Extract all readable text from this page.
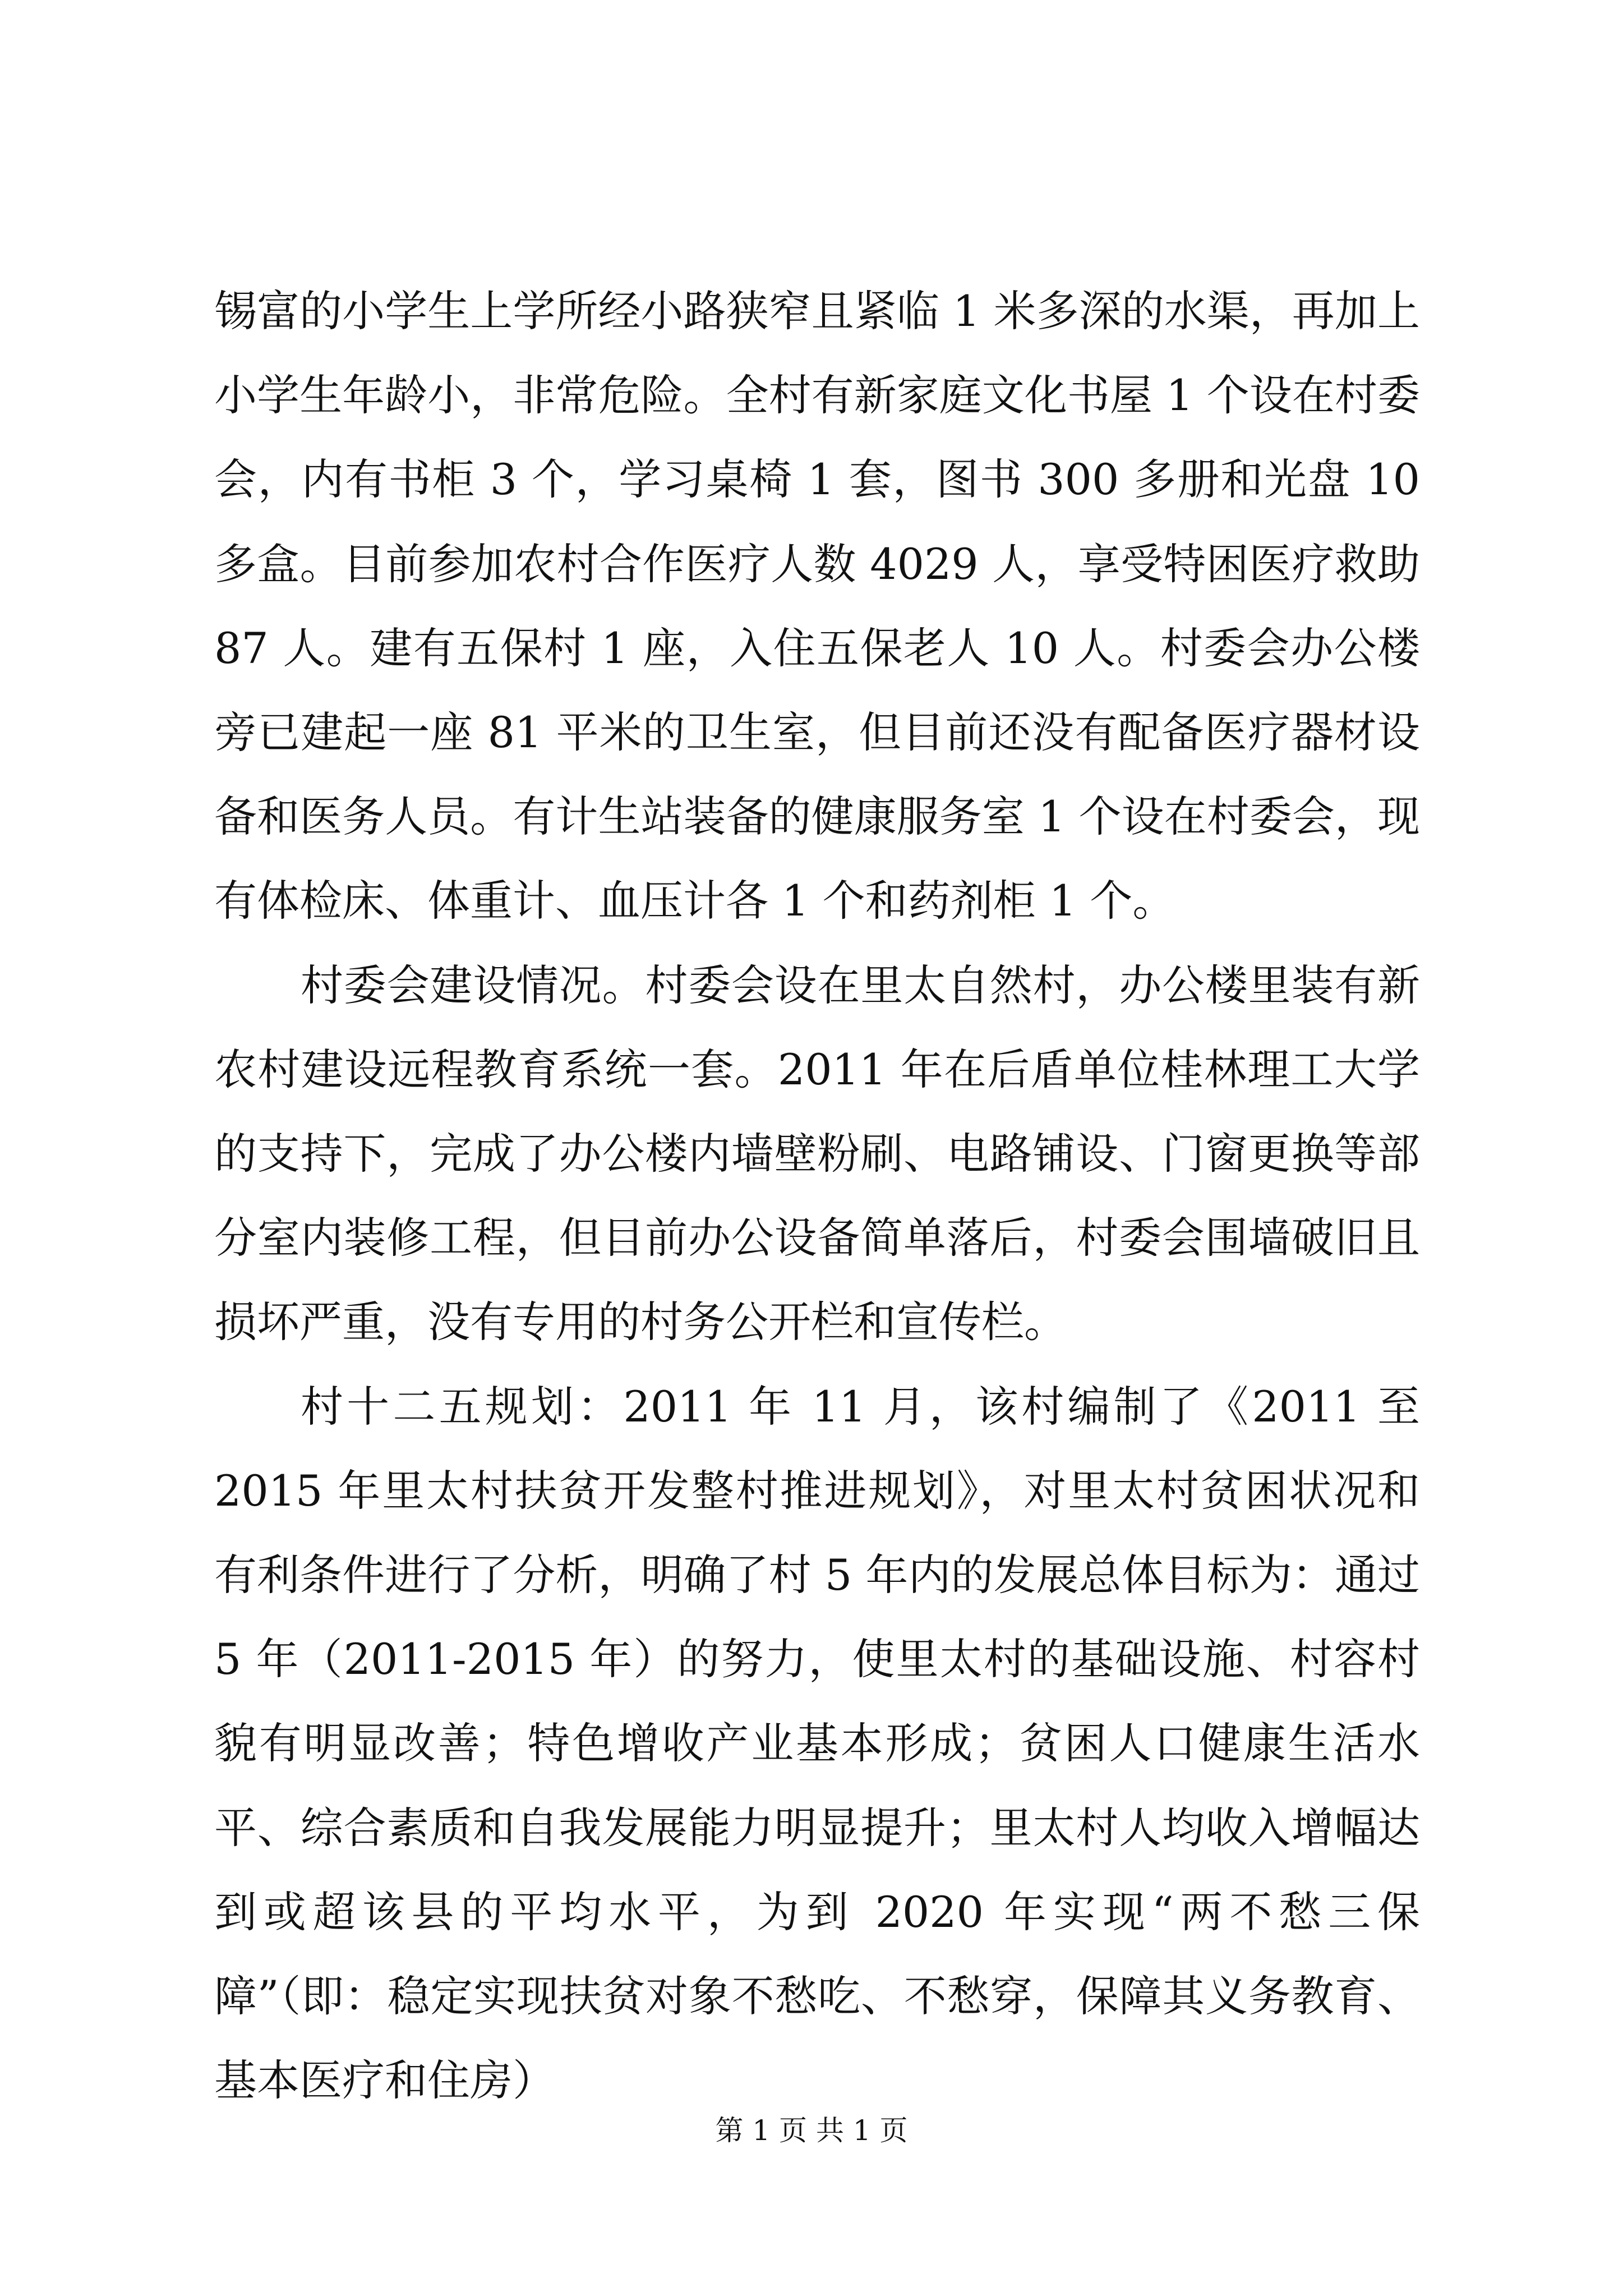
锡富的小学生上学所经小路狭窄且紧临 1 米多深的水渠，再加上小学生年龄小，非常危险。全村有新家庭文化书屋 1 个设在村委会，内有书柜 3 个，学习桌椅 1 套，图书 300 多册和光盘 10 多盒。目前参加农村合作医疗人数 4029 人，享受特困医疗救助 87 人。建有五保村 1 座，入住五保老人 10 人。村委会办公楼旁已建起一座 81 平米的卫生室，但目前还没有配备医疗器材设备和医务人员。有计生站装备的健康服务室 1 个设在村委会，现有体检床、体重计、血压计各 1 个和药剂柜 1 个。

村委会建设情况。村委会设在里太自然村，办公楼里装有新农村建设远程教育系统一套。2011 年在后盾单位桂林理工大学的支持下，完成了办公楼内墙壁粉刷、电路铺设、门窗更换等部分室内装修工程，但目前办公设备简单落后，村委会围墙破旧且损坏严重，没有专用的村务公开栏和宣传栏。

村十二五规划：2011 年 11 月，该村编制了《2011 至 2015 年里太村扶贫开发整村推进规划》，对里太村贫困状况和有利条件进行了分析，明确了村 5 年内的发展总体目标为：通过 5 年（2011-2015 年）的努力，使里太村的基础设施、村容村貌有明显改善；特色增收产业基本形成；贫困人口健康生活水平、综合素质和自我发展能力明显提升；里太村人均收入增幅达到或超该县的平均水平，为到 2020 年实现“两不愁三保障”（即：稳定实现扶贫对象不愁吃、不愁穿，保障其义务教育、基本医疗和住房）

第 1 页 共 1 页
